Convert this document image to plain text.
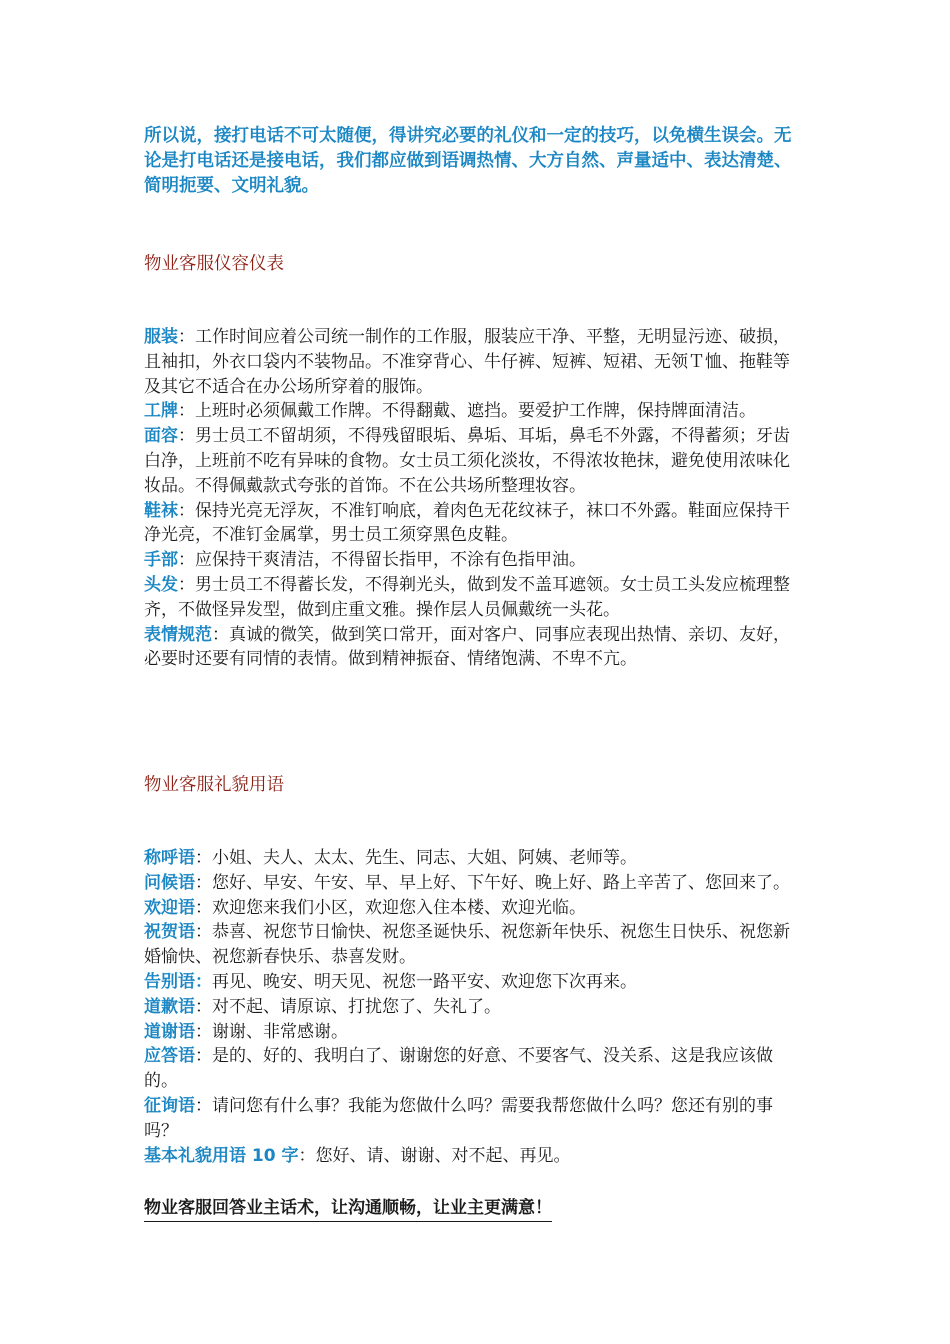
所以说，接打电话不可太随便，得讲究必要的礼仪和一定的技巧，以免横生误会。无论是打电话还是接电话，我们都应做到语调热情、大方自然、声量适中、表达清楚、简明扼要、文明礼貌。

物业客服仪容仪表

服装：工作时间应着公司统一制作的工作服，服装应干净、平整，无明显污迹、破损，且袖扣，外衣口袋内不装物品。不准穿背心、牛仔裤、短裤、短裙、无领Ｔ恤、拖鞋等及其它不适合在办公场所穿着的服饰。

工牌：上班时必须佩戴工作牌。不得翻戴、遮挡。要爱护工作牌，保持牌面清洁。

面容：男士员工不留胡须，不得残留眼垢、鼻垢、耳垢，鼻毛不外露，不得蓄须；牙齿白净，上班前不吃有异味的食物。女士员工须化淡妆，不得浓妆艳抹，避免使用浓味化妆品。不得佩戴款式夸张的首饰。不在公共场所整理妆容。

鞋袜：保持光亮无浮灰，不准钉响底，着肉色无花纹袜子，袜口不外露。鞋面应保持干净光亮，不准钉金属掌，男士员工须穿黑色皮鞋。

手部：应保持干爽清洁，不得留长指甲，不涂有色指甲油。

头发：男士员工不得蓄长发，不得剃光头，做到发不盖耳遮领。女士员工头发应梳理整齐，不做怪异发型，做到庄重文雅。操作层人员佩戴统一头花。

表情规范：真诚的微笑，做到笑口常开，面对客户、同事应表现出热情、亲切、友好，必要时还要有同情的表情。做到精神振奋、情绪饱满、不卑不亢。

物业客服礼貌用语

称呼语：小姐、夫人、太太、先生、同志、大姐、阿姨、老师等。

问候语：您好、早安、午安、早、早上好、下午好、晚上好、路上辛苦了、您回来了。

欢迎语：欢迎您来我们小区，欢迎您入住本楼、欢迎光临。

祝贺语：恭喜、祝您节日愉快、祝您圣诞快乐、祝您新年快乐、祝您生日快乐、祝您新婚愉快、祝您新春快乐、恭喜发财。

告别语：再见、晚安、明天见、祝您一路平安、欢迎您下次再来。

道歉语：对不起、请原谅、打扰您了、失礼了。

道谢语：谢谢、非常感谢。

应答语：是的、好的、我明白了、谢谢您的好意、不要客气、没关系、这是我应该做的。

征询语：请问您有什么事？我能为您做什么吗？需要我帮您做什么吗？您还有别的事吗？

基本礼貌用语 10 字：您好、请、谢谢、对不起、再见。

物业客服回答业主话术，让沟通顺畅，让业主更满意！
